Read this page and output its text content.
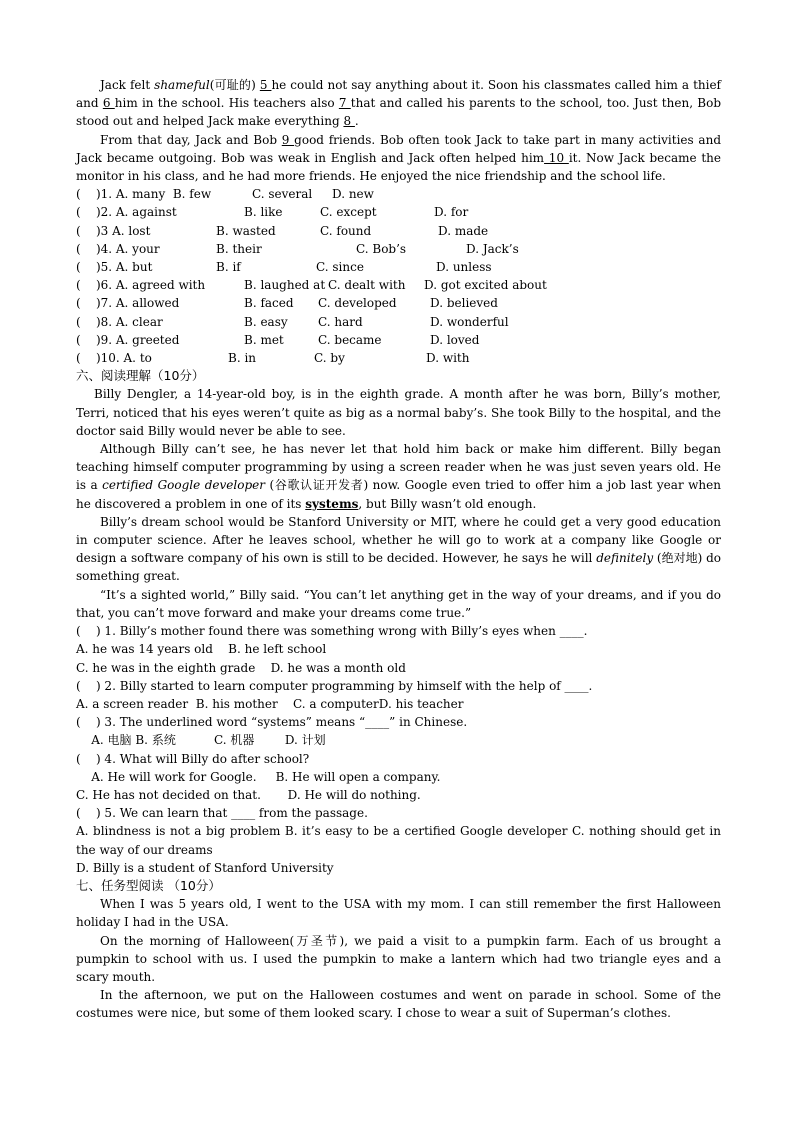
Jack felt shameful(可耻的) 5 he could not say anything about it. Soon his classmates called him a thief and 6 him in the school. His teachers also 7 that and called his parents to the school, too. Just then, Bob stood out and helped Jack make everything 8 .

From that day, Jack and Bob 9 good friends. Bob often took Jack to take part in many activities and Jack became outgoing. Bob was weak in English and Jack often helped him 10 it. Now Jack became the monitor in his class, and he had more friends. He enjoyed the nice friendship and the school life.

(    )1. A. many  B. few	C. several D. new
(    )2. A. against	B. like	C. except	D. for
(    )3 A. lost	B. wasted	C. found	D. made
(    )4. A. your	B. their	C. Bob’s	D. Jack’s
(    )5. A. but	B. if	C. since	D. unless
(    )6. A. agreed with	B. laughed at C. dealt with D. got excited about
(    )7. A. allowed	B. faced C. developed	D. believed
(    )8. A. clear	B. easy	C. hard	D. wonderful
(    )9. A. greeted	B. met	C. became	D. loved
(    )10. A. to	B. in	C. by	D. with

六、阅读理解（10分）

Billy Dengler, a 14-year-old boy, is in the eighth grade. A month after he was born, Billy’s mother, Terri, noticed that his eyes weren’t quite as big as a normal baby’s. She took Billy to the hospital, and the doctor said Billy would never be able to see.

Although Billy can’t see, he has never let that hold him back or make him different. Billy began teaching himself computer programming by using a screen reader when he was just seven years old. He is a certified Google developer (谷歌认证开发者) now. Google even tried to offer him a job last year when he discovered a problem in one of its systems, but Billy wasn’t old enough.

Billy’s dream school would be Stanford University or MIT, where he could get a very good education in computer science. After he leaves school, whether he will go to work at a company like Google or design a software company of his own is still to be decided. However, he says he will definitely (绝对地) do something great.

“It’s a sighted world,” Billy said. “You can’t let anything get in the way of your dreams, and if you do that, you can’t move forward and make your dreams come true.”

(    ) 1. Billy’s mother found there was something wrong with Billy’s eyes when ____.

A. he was 14 years old    B. he left school

C. he was in the eighth grade    D. he was a month old

(    ) 2. Billy started to learn computer programming by himself with the help of ____.

A. a screen reader  B. his mother    C. a computerD. his teacher

(    ) 3. The underlined word “systems” means “____” in Chinese.

A. 电脑 B. 系统          C. 机器        D. 计划

(    ) 4. What will Billy do after school?

A. He will work for Google.     B. He will open a company.

C. He has not decided on that.       D. He will do nothing.

(    ) 5. We can learn that ____ from the passage.

A. blindness is not a big problem B. it’s easy to be a certified Google developer C. nothing should get in the way of our dreams

D. Billy is a student of Stanford University

七、任务型阅读 （10分）

When I was 5 years old, I went to the USA with my mom. I can still remember the first Halloween holiday I had in the USA.

On the morning of Halloween(万圣节), we paid a visit to a pumpkin farm. Each of us brought a pumpkin to school with us. I used the pumpkin to make a lantern which had two triangle eyes and a scary mouth.

In the afternoon, we put on the Halloween costumes and went on parade in school. Some of the costumes were nice, but some of them looked scary. I chose to wear a suit of Superman’s clothes.
